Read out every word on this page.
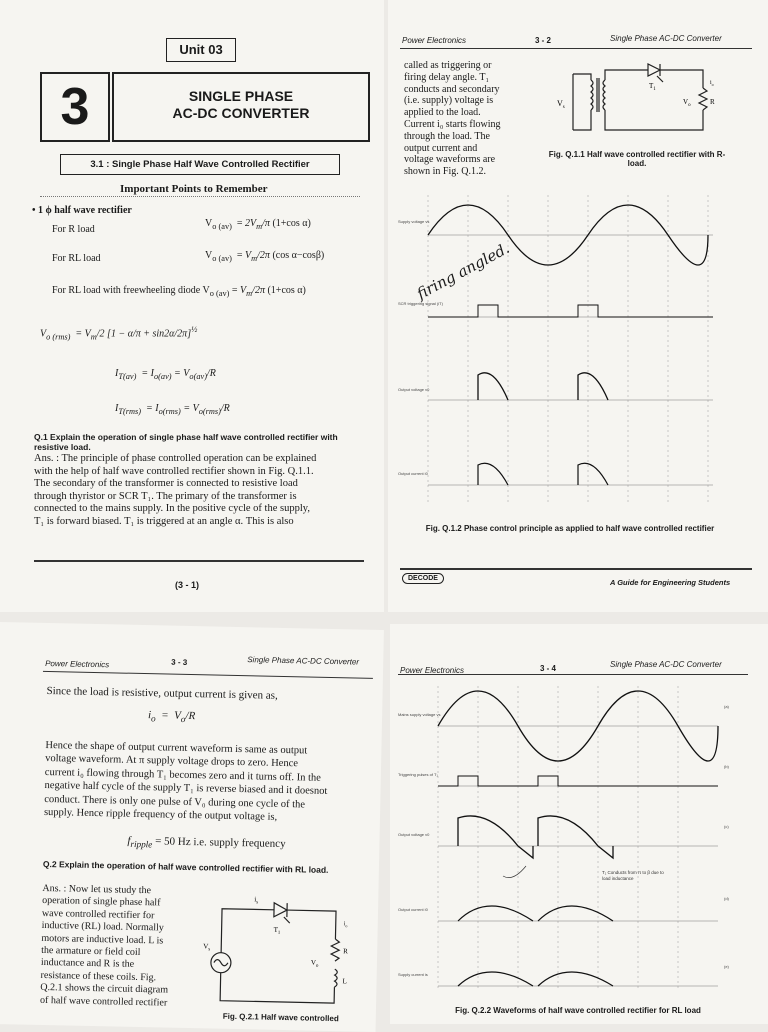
Unit 03
3	SINGLE PHASE
AC-DC CONVERTER
3.1 : Single Phase Half Wave Controlled Rectifier
Important Points to Remember
• 1 ϕ half wave rectifier
For R load
$V_{o (av)} = 2V_m/\pi$ (1+cos α)
For RL load	$V_{o (av)} = V_m/2\pi$ (cos α−cosβ)
For RL load with freewheeling diode $V_{o (av)} = V_m/2\pi$ (1+cos α)
$V_{o (rms)} = V_m/2$ $[1 - \alpha/\pi + \sin 2\alpha/2\pi]^{\frac{1}{2}}$
$I_{T(av)} = I_{o(av)} = V_{o(av)}/R$
$I_{T(rms)} = I_{o(rms)} = V_{o(rms)}/R$
Q.1 Explain the operation of single phase half wave controlled rectifier with resistive load.
Ans. : The principle of phase controlled operation can be explained
with the help of half wave controlled rectifier shown in Fig. Q.1.1.
The secondary of the transformer is connected to resistive load
through thyristor or SCR T₁. The primary of the transformer is
connected to the mains supply. In the positive cycle of the supply,
T₁ is forward biased. T₁ is triggered at an angle α. This is also
(3 - 1)
Power Electronics	3 - 2	Single Phase AC-DC Converter
called as triggering or
firing delay angle. T₁
conducts and secondary
(i.e. supply) voltage is
applied to the load.
Current i₀ starts flowing
through the load. The
output current and
voltage waveforms are
shown in Fig. Q.1.2.
$V_s$
$T_1$
$V_o$	R
$i_o$
Fig. Q.1.1 Half wave controlled rectifier with R-load.
Supply voltage vs
SCR triggering signal (iT)
Output voltage v0
Output current i0
firing angled.
Fig. Q.1.2 Phase control principle as applied to half wave controlled rectifier
DECODE	A Guide for Engineering Students
Power Electronics	3 - 3	Single Phase AC-DC Converter
Since the load is resistive, output current is given as,
$i_o = V_o/R$
Hence the shape of output current waveform is same as output
voltage waveform. At π supply voltage drops to zero. Hence
current i₀ flowing through T₁ becomes zero and it turns off. In the
negative half cycle of the supply T₁ is reverse biased and it doesnot
conduct. There is only one pulse of V₀ during one cycle of the
supply. Hence ripple frequency of the output voltage is,
$f_{ripple} = 50$ Hz i.e. supply frequency
Q.2 Explain the operation of half wave controlled rectifier with RL load.
Ans. : Now let us study the
operation of single phase half
wave controlled rectifier for
inductive (RL) load. Normally
motors are inductive load. L is
the armature or field coil
inductance and R is the
resistance of these coils. Fig.
Q.2.1 shows the circuit diagram
of half wave controlled rectifier
$i_s$
$T_1$
$V_s$
$V_o$
R
L
$i_o$
Fig. Q.2.1 Half wave controlled
Power Electronics	3 - 4	Single Phase AC-DC Converter
Mains supply voltage vs
Triggering pulses of T₁
Output voltage v0
Output current i0
Supply current is
(a)
(b)
(c)
(d)
(e)
T₁ Conducts from π to β due to load inductance
Fig. Q.2.2 Waveforms of half wave controlled rectifier for RL load
